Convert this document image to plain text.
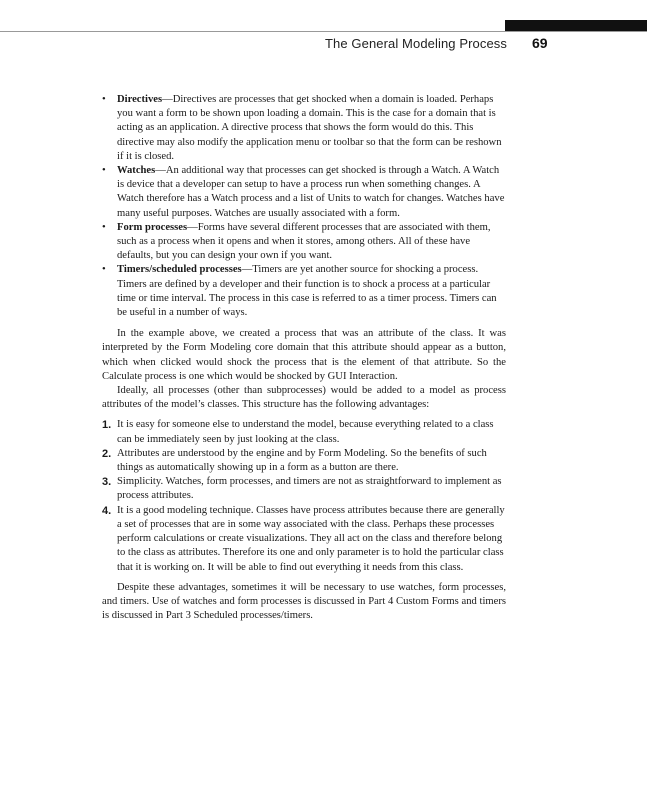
The General Modeling Process 69
• Directives—Directives are processes that get shocked when a domain is loaded. Perhaps you want a form to be shown upon loading a domain. This is the case for a domain that is acting as an application. A directive process that shows the form would do this. This directive may also modify the application menu or toolbar so that the form can be reshown if it is closed.
• Watches—An additional way that processes can get shocked is through a Watch. A Watch is device that a developer can setup to have a process run when something changes. A Watch therefore has a Watch process and a list of Units to watch for changes. Watches have many useful purposes. Watches are usually associated with a form.
• Form processes—Forms have several different processes that are associated with them, such as a process when it opens and when it stores, among others. All of these have defaults, but you can design your own if you want.
• Timers/scheduled processes—Timers are yet another source for shocking a process. Timers are defined by a developer and their function is to shock a process at a particular time or time interval. The process in this case is referred to as a timer process. Timers can be useful in a number of ways.

In the example above, we created a process that was an attribute of the class. It was interpreted by the Form Modeling core domain that this attribute should appear as a button, which when clicked would shock the process that is the element of that attribute. So the Calculate process is one which would be shocked by GUI Interaction.

Ideally, all processes (other than subprocesses) would be added to a model as process attributes of the model’s classes. This structure has the following advantages:

1. It is easy for someone else to understand the model, because everything related to a class can be immediately seen by just looking at the class.
2. Attributes are understood by the engine and by Form Modeling. So the benefits of such things as automatically showing up in a form as a button are there.
3. Simplicity. Watches, form processes, and timers are not as straightforward to implement as process attributes.
4. It is a good modeling technique. Classes have process attributes because there are generally a set of processes that are in some way associated with the class. Perhaps these processes perform calculations or create visualizations. They all act on the class and therefore belong to the class as attributes. Therefore its one and only parameter is to hold the particular class that it is working on. It will be able to find out everything it needs from this class.

Despite these advantages, sometimes it will be necessary to use watches, form processes, and timers. Use of watches and form processes is discussed in Part 4 Custom Forms and timers is discussed in Part 3 Scheduled processes/timers.
